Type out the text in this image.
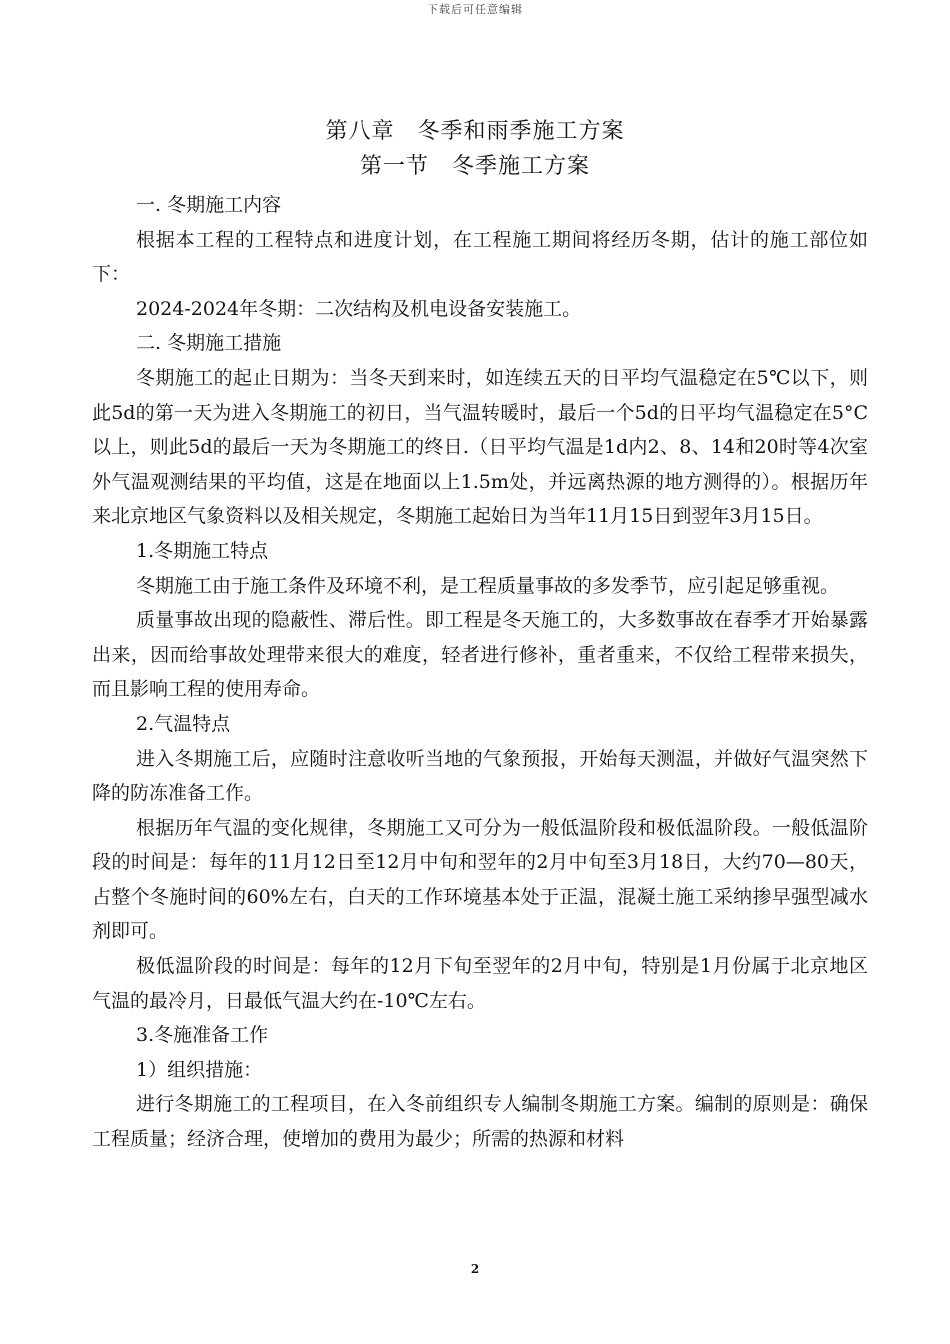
下载后可任意编辑
第八章　冬季和雨季施工方案
第一节　冬季施工方案

一. 冬期施工内容

根据本工程的工程特点和进度计划，在工程施工期间将经历冬期，估计的施工部位如下：

2024-2024年冬期：二次结构及机电设备安装施工。

二. 冬期施工措施

冬期施工的起止日期为：当冬天到来时，如连续五天的日平均气温稳定在5℃以下，则此5d的第一天为进入冬期施工的初日，当气温转暖时，最后一个5d的日平均气温稳定在5°C以上，则此5d的最后一天为冬期施工的终日.（日平均气温是1d内2、8、14和20时等4次室外气温观测结果的平均值，这是在地面以上1.5m处，并远离热源的地方测得的）。根据历年来北京地区气象资料以及相关规定，冬期施工起始日为当年11月15日到翌年3月15日。

1.冬期施工特点

冬期施工由于施工条件及环境不利，是工程质量事故的多发季节，应引起足够重视。

质量事故出现的隐蔽性、滞后性。即工程是冬天施工的，大多数事故在春季才开始暴露出来，因而给事故处理带来很大的难度，轻者进行修补，重者重来，不仅给工程带来损失，而且影响工程的使用寿命。

2.气温特点

进入冬期施工后，应随时注意收听当地的气象预报，开始每天测温，并做好气温突然下降的防冻准备工作。

根据历年气温的变化规律，冬期施工又可分为一般低温阶段和极低温阶段。一般低温阶段的时间是：每年的11月12日至12月中旬和翌年的2月中旬至3月18日，大约70—80天，占整个冬施时间的60%左右，白天的工作环境基本处于正温，混凝土施工采纳掺早强型减水剂即可。

极低温阶段的时间是：每年的12月下旬至翌年的2月中旬，特别是1月份属于北京地区气温的最冷月，日最低气温大约在-10℃左右。

3.冬施准备工作

1）组织措施：

进行冬期施工的工程项目，在入冬前组织专人编制冬期施工方案。编制的原则是：确保工程质量；经济合理，使增加的费用为最少；所需的热源和材料

2
